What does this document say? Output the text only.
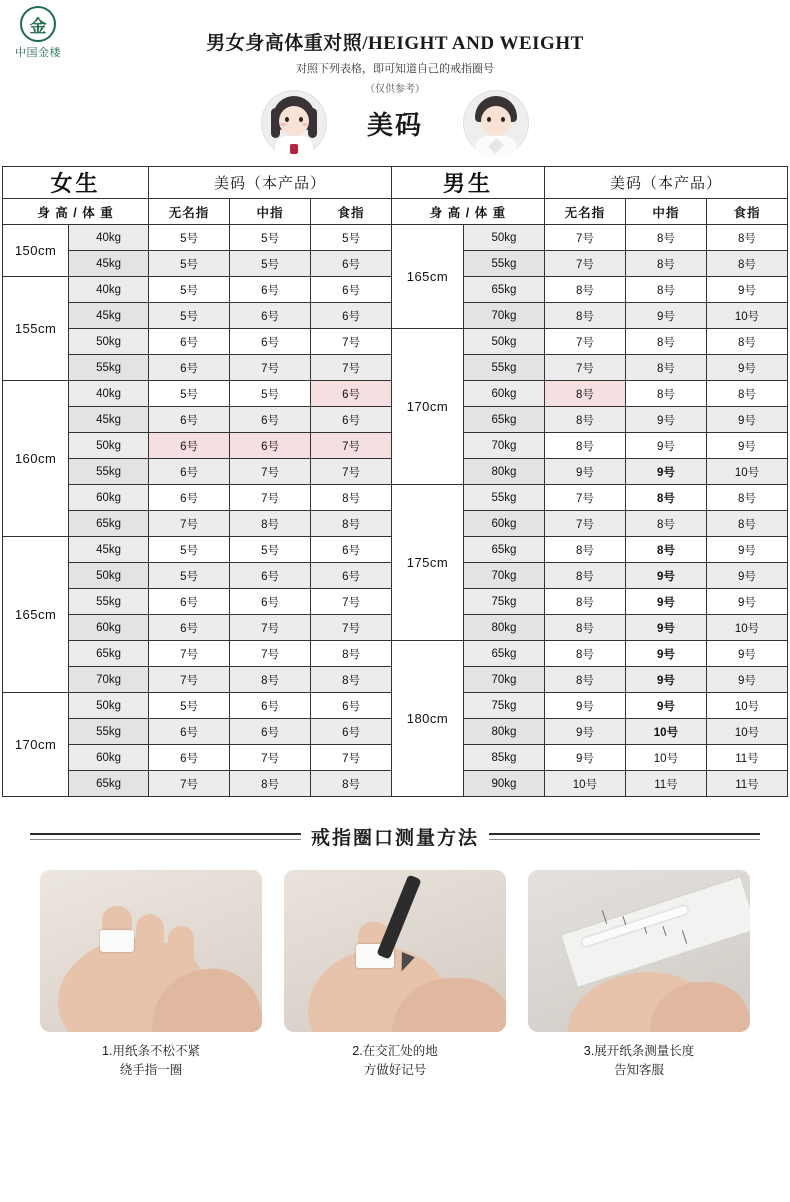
金
中国金楼	男女身高体重对照/HEIGHT AND WEIGHT
对照下列表格，即可知道自己的戒指圈号
（仅供参考）
美码
女生		美码（本产品）			男生		美码（本产品）		
身 高 / 体 重		无名指	中指	食指	身 高 / 体 重		无名指	中指	食指
150cm	40kg	5号	5号	5号	165cm	50kg	7号	8号	8号
	45kg	5号	5号	6号		55kg	7号	8号	8号
155cm	40kg	5号	6号	6号		65kg	8号	8号	9号
	45kg	5号	6号	6号		70kg	8号	9号	10号
	50kg	6号	6号	7号	170cm	50kg	7号	8号	8号
	55kg	6号	7号	7号		55kg	7号	8号	9号
160cm	40kg	5号	5号	6号		60kg	8号	8号	8号
	45kg	6号	6号	6号		65kg	8号	9号	9号
	50kg	6号	6号	7号		70kg	8号	9号	9号
	55kg	6号	7号	7号		80kg	9号	9号	10号
	60kg	6号	7号	8号	175cm	55kg	7号	8号	8号
	65kg	7号	8号	8号		60kg	7号	8号	8号
165cm	45kg	5号	5号	6号		65kg	8号	8号	9号
	50kg	5号	6号	6号		70kg	8号	9号	9号
	55kg	6号	6号	7号		75kg	8号	9号	9号
	60kg	6号	7号	7号		80kg	8号	9号	10号
	65kg	7号	7号	8号	180cm	65kg	8号	9号	9号
	70kg	7号	8号	8号		70kg	8号	9号	9号
170cm	50kg	5号	6号	6号		75kg	9号	9号	10号
	55kg	6号	6号	6号		80kg	9号	10号	10号
	60kg	6号	7号	7号		85kg	9号	10号	11号
	65kg	7号	8号	8号		90kg	10号	11号	11号
戒指圈口测量方法
1.用纸条不松不紧
绕手指一圈
2.在交汇处的地
方做好记号
3.展开纸条测量长度
告知客服
